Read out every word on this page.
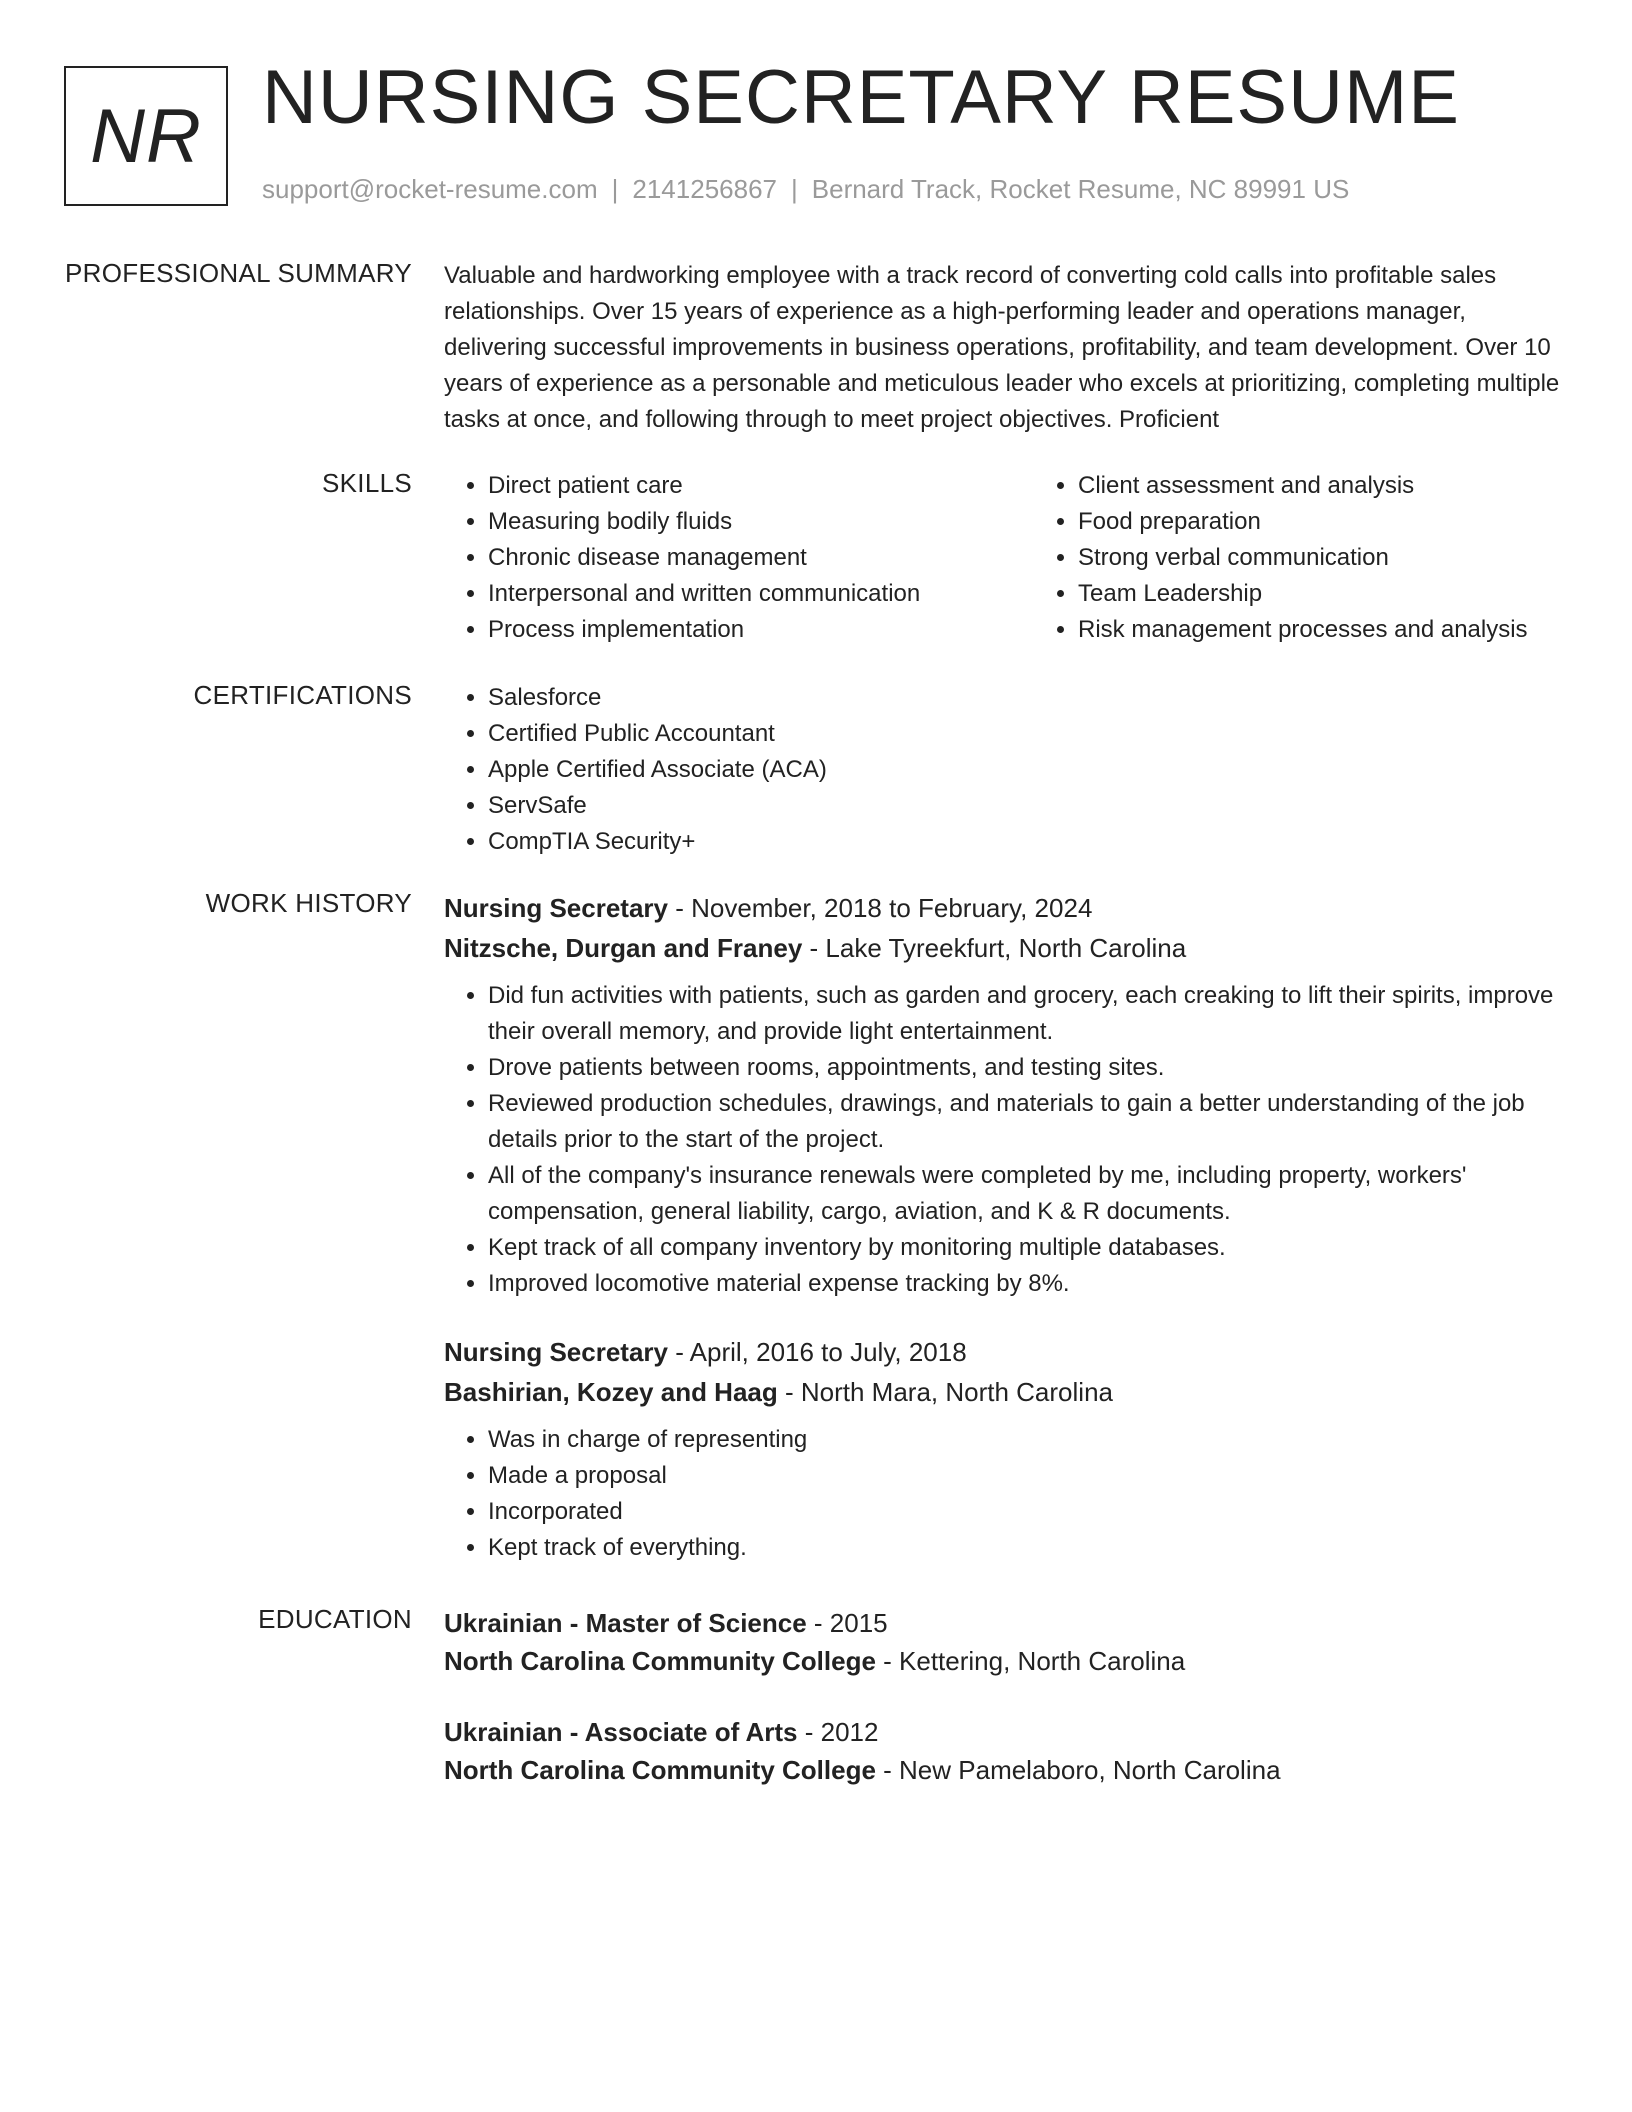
NR NURSING SECRETARY RESUME
support@rocket-resume.com | 2141256867 | Bernard Track, Rocket Resume, NC 89991 US
PROFESSIONAL SUMMARY Valuable and hardworking employee with a track record of converting cold calls into profitable sales relationships. Over 15 years of experience as a high-performing leader and operations manager, delivering successful improvements in business operations, profitability, and team development. Over 10 years of experience as a personable and meticulous leader who excels at prioritizing, completing multiple tasks at once, and following through to meet project objectives. Proficient
SKILLS	• Direct patient care
• Measuring bodily fluids
• Chronic disease management
• Interpersonal and written communication
• Process implementation
• Client assessment and analysis
• Food preparation
• Strong verbal communication
• Team Leadership
• Risk management processes and analysis
CERTIFICATIONS	• Salesforce
• Certified Public Accountant
• Apple Certified Associate (ACA)
• ServSafe
• CompTIA Security+
WORK HISTORY Nursing Secretary - November, 2018 to February, 2024
Nitzsche, Durgan and Franey - Lake Tyreekfurt, North Carolina
• Did fun activities with patients, such as garden and grocery, each creaking to lift their spirits, improve their overall memory, and provide light entertainment.
• Drove patients between rooms, appointments, and testing sites.
• Reviewed production schedules, drawings, and materials to gain a better understanding of the job details prior to the start of the project.
• All of the company's insurance renewals were completed by me, including property, workers' compensation, general liability, cargo, aviation, and K & R documents.
• Kept track of all company inventory by monitoring multiple databases.
• Improved locomotive material expense tracking by 8%.
Nursing Secretary - April, 2016 to July, 2018
Bashirian, Kozey and Haag - North Mara, North Carolina
• Was in charge of representing
• Made a proposal
• Incorporated
• Kept track of everything.
EDUCATION Ukrainian - Master of Science - 2015
North Carolina Community College - Kettering, North Carolina
Ukrainian - Associate of Arts - 2012
North Carolina Community College - New Pamelaboro, North Carolina
